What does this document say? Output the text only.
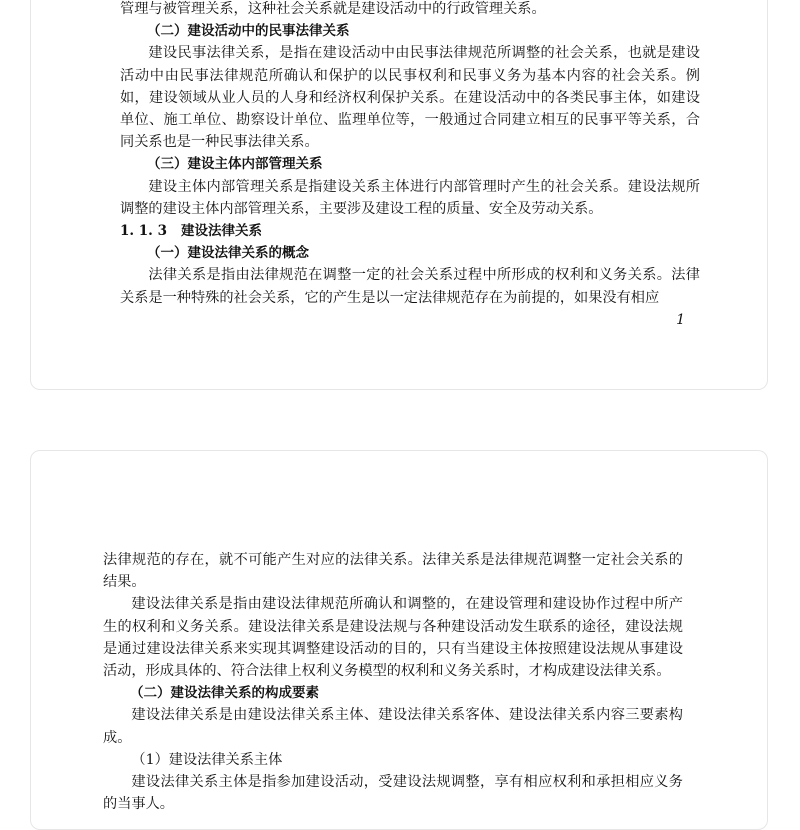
管理与被管理关系，这种社会关系就是建设活动中的行政管理关系。

（二）建设活动中的民事法律关系

建设民事法律关系，是指在建设活动中由民事法律规范所调整的社会关系，也就是建设活动中由民事法律规范所确认和保护的以民事权利和民事义务为基本内容的社会关系。例如，建设领域从业人员的人身和经济权利保护关系。在建设活动中的各类民事主体，如建设单位、施工单位、勘察设计单位、监理单位等，一般通过合同建立相互的民事平等关系，合同关系也是一种民事法律关系。

（三）建设主体内部管理关系

建设主体内部管理关系是指建设关系主体进行内部管理时产生的社会关系。建设法规所调整的建设主体内部管理关系，主要涉及建设工程的质量、安全及劳动关系。

1. 1. 3 建设法律关系

（一）建设法律关系的概念

法律关系是指由法律规范在调整一定的社会关系过程中所形成的权利和义务关系。法律关系是一种特殊的社会关系，它的产生是以一定法律规范存在为前提的，如果没有相应

1

法律规范的存在，就不可能产生对应的法律关系。法律关系是法律规范调整一定社会关系的结果。

建设法律关系是指由建设法律规范所确认和调整的，在建设管理和建设协作过程中所产生的权利和义务关系。建设法律关系是建设法规与各种建设活动发生联系的途径，建设法规是通过建设法律关系来实现其调整建设活动的目的，只有当建设主体按照建设法规从事建设活动，形成具体的、符合法律上权利义务模型的权利和义务关系时，才构成建设法律关系。

（二）建设法律关系的构成要素

建设法律关系是由建设法律关系主体、建设法律关系客体、建设法律关系内容三要素构成。

（1）建设法律关系主体

建设法律关系主体是指参加建设活动，受建设法规调整，享有相应权利和承担相应义务的当事人。
